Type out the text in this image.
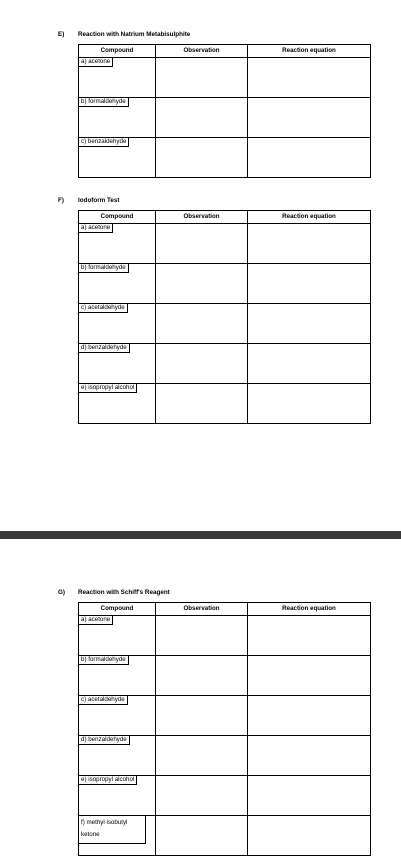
E) Reaction with Natrium Metabisulphite
Compound	Observation	Reaction equation

a) acetone		

b) formaldehyde		

c) benzaldehyde		

F) Iodoform Test
Compound	Observation	Reaction equation

a) acetone		

b) formaldehyde		

c) acetaldehyde		

d) benzaldehyde		

e) isopropyl alcohol		

G) Reaction with Schiff's Reagent
Compound	Observation	Reaction equation

a) acetone		

b) formaldehyde		

c) acetaldehyde		

d) benzaldehyde		

e) isopropyl alcohol		

f) methyl isobutyl ketone		
